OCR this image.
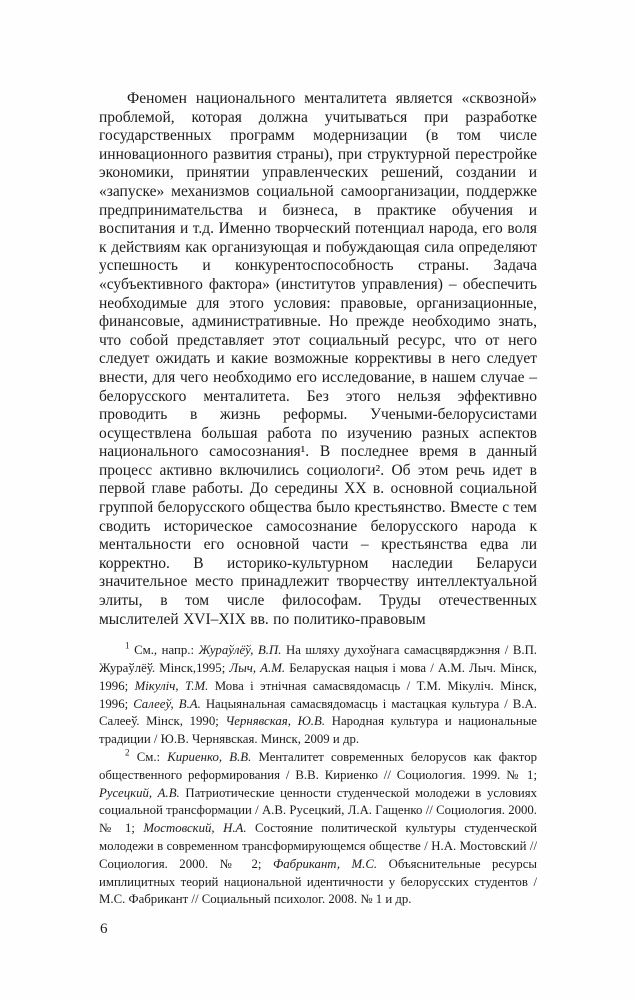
Феномен национального менталитета является «сквозной» проблемой, которая должна учитываться при разработке государственных программ модернизации (в том числе инновационного развития страны), при структурной перестройке экономики, принятии управленческих решений, создании и «запуске» механизмов социальной самоорганизации, поддержке предпринимательства и бизнеса, в практике обучения и воспитания и т.д. Именно творческий потенциал народа, его воля к действиям как организующая и побуждающая сила определяют успешность и конкурентоспособность страны. Задача «субъективного фактора» (институтов управления) – обеспечить необходимые для этого условия: правовые, организационные, финансовые, административные. Но прежде необходимо знать, что собой представляет этот социальный ресурс, что от него следует ожидать и какие возможные коррективы в него следует внести, для чего необходимо его исследование, в нашем случае – белорусского менталитета. Без этого нельзя эффективно проводить в жизнь реформы. Учеными-белорусистами осуществлена большая работа по изучению разных аспектов национального самосознания¹. В последнее время в данный процесс активно включились социологи². Об этом речь идет в первой главе работы. До середины XX в. основной социальной группой белорусского общества было крестьянство. Вместе с тем сводить историческое самосознание белорусского народа к ментальности его основной части – крестьянства едва ли корректно. В историко-культурном наследии Беларуси значительное место принадлежит творчеству интеллектуальной элиты, в том числе философам. Труды отечественных мыслителей XVI–XIX вв. по политико-правовым

$^1$ См., напр.: Жураўлёў, В.П. На шляху духоўнага самасцвярджэння / В.П. Жураўлёў. Мінск,1995; Лыч, А.М. Беларуская нацыя і мова / А.М. Лыч. Мінск, 1996; Мікуліч, Т.М. Мова і этнічная самасвядомасць / Т.М. Мікуліч. Мінск, 1996; Салееў, В.А. Нацыянальная самасвядомасць і мастацкая культура / В.А. Салееў. Мінск, 1990; Чернявская, Ю.В. Народная культура и национальные традиции / Ю.В. Чернявская. Минск, 2009 и др.

$^2$ См.: Кириенко, В.В. Менталитет современных белорусов как фактор общественного реформирования / В.В. Кириенко // Социология. 1999. № 1; Русецкий, А.В. Патриотические ценности студенческой молодежи в условиях социальной трансформации / А.В. Русецкий, Л.А. Гащенко // Социология. 2000. № 1; Мостовский, Н.А. Состояние политической культуры студенческой молодежи в современном трансформирующемся обществе / Н.А. Мостовский // Социология. 2000. № 2; Фабрикант, М.С. Объяснительные ресурсы имплицитных теорий национальной идентичности у белорусских студентов / М.С. Фабрикант // Социальный психолог. 2008. № 1 и др.

6
